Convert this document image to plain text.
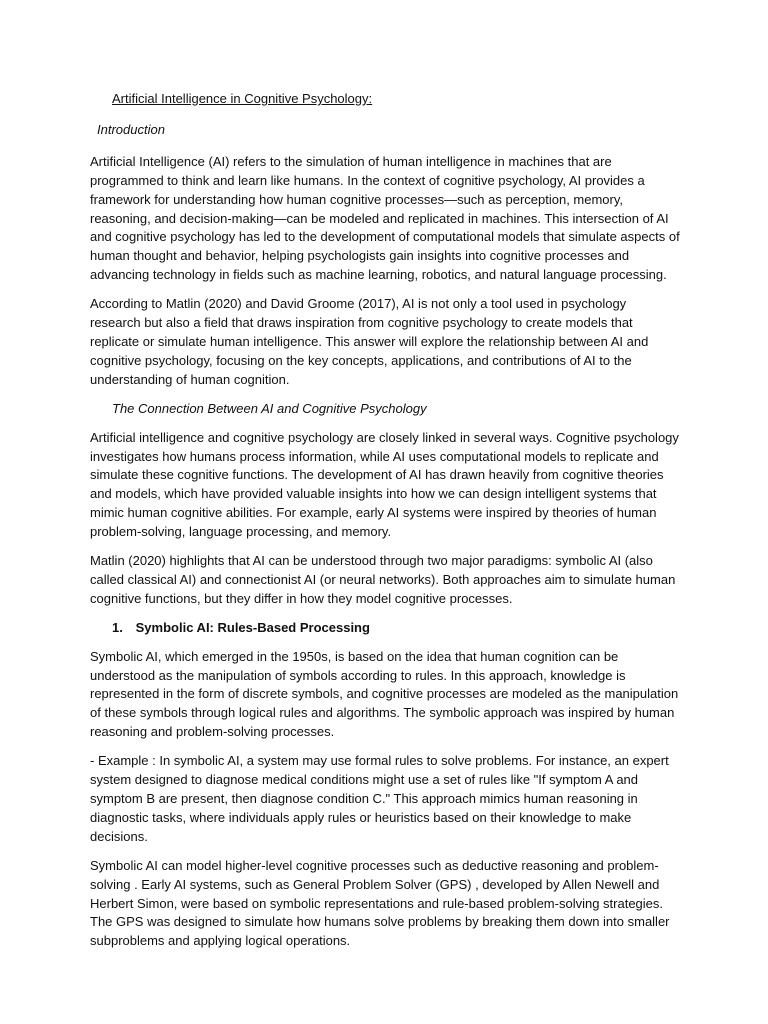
Artificial Intelligence in Cognitive Psychology:
Introduction

Artificial Intelligence (AI) refers to the simulation of human intelligence in machines that are programmed to think and learn like humans. In the context of cognitive psychology, AI provides a framework for understanding how human cognitive processes—such as perception, memory, reasoning, and decision-making—can be modeled and replicated in machines. This intersection of AI and cognitive psychology has led to the development of computational models that simulate aspects of human thought and behavior, helping psychologists gain insights into cognitive processes and advancing technology in fields such as machine learning, robotics, and natural language processing.

According to Matlin (2020) and David Groome (2017), AI is not only a tool used in psychology research but also a field that draws inspiration from cognitive psychology to create models that replicate or simulate human intelligence. This answer will explore the relationship between AI and cognitive psychology, focusing on the key concepts, applications, and contributions of AI to the understanding of human cognition.

The Connection Between AI and Cognitive Psychology

Artificial intelligence and cognitive psychology are closely linked in several ways. Cognitive psychology investigates how humans process information, while AI uses computational models to replicate and simulate these cognitive functions. The development of AI has drawn heavily from cognitive theories and models, which have provided valuable insights into how we can design intelligent systems that mimic human cognitive abilities. For example, early AI systems were inspired by theories of human problem-solving, language processing, and memory.

Matlin (2020) highlights that AI can be understood through two major paradigms: symbolic AI (also called classical AI) and connectionist AI (or neural networks). Both approaches aim to simulate human cognitive functions, but they differ in how they model cognitive processes.

1. Symbolic AI: Rules-Based Processing

Symbolic AI, which emerged in the 1950s, is based on the idea that human cognition can be understood as the manipulation of symbols according to rules. In this approach, knowledge is represented in the form of discrete symbols, and cognitive processes are modeled as the manipulation of these symbols through logical rules and algorithms. The symbolic approach was inspired by human reasoning and problem-solving processes.

- Example : In symbolic AI, a system may use formal rules to solve problems. For instance, an expert system designed to diagnose medical conditions might use a set of rules like "If symptom A and symptom B are present, then diagnose condition C." This approach mimics human reasoning in diagnostic tasks, where individuals apply rules or heuristics based on their knowledge to make decisions.

Symbolic AI can model higher-level cognitive processes such as deductive reasoning and problem-solving . Early AI systems, such as General Problem Solver (GPS) , developed by Allen Newell and Herbert Simon, were based on symbolic representations and rule-based problem-solving strategies. The GPS was designed to simulate how humans solve problems by breaking them down into smaller subproblems and applying logical operations.
